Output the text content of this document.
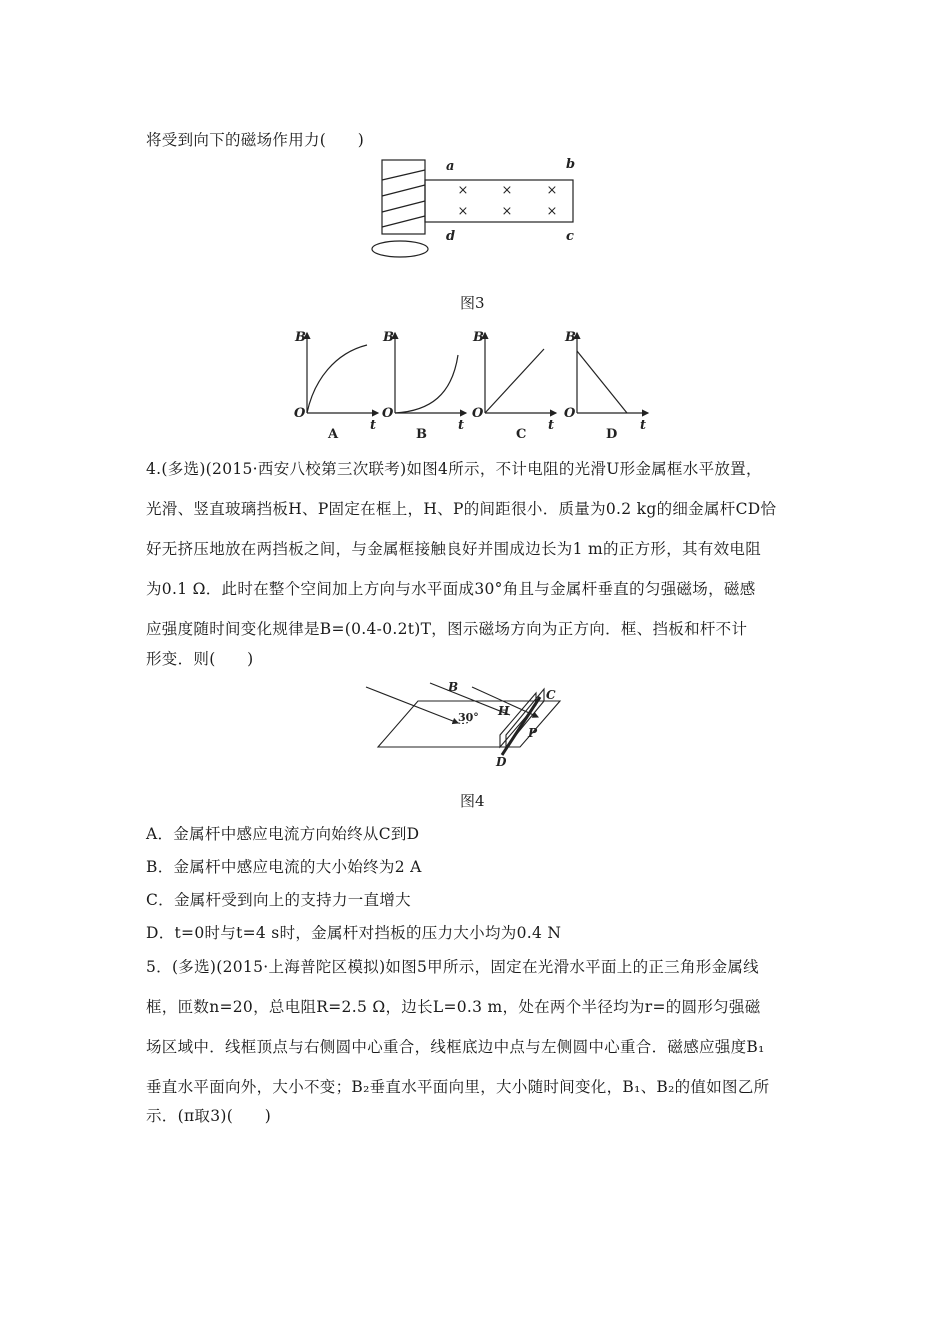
将受到向下的磁场作用力(　　)
×	×	×
×	×	×
a	b
d	c
图3
B
O
t
B
O
t
B
O
t
B
O
t
A	B	C	D
4.(多选)(2015·西安八校第三次联考)如图4所示，不计电阻的光滑U形金属框水平放置，
光滑、竖直玻璃挡板H、P固定在框上，H、P的间距很小．质量为0.2 kg的细金属杆CD恰
好无挤压地放在两挡板之间，与金属框接触良好并围成边长为1 m的正方形，其有效电阻
为0.1 Ω．此时在整个空间加上方向与水平面成30°角且与金属杆垂直的匀强磁场，磁感
应强度随时间变化规律是B=(0.4-0.2t)T，图示磁场方向为正方向．框、挡板和杆不计
形变．则(　　)
B
C
H
P
D
30°
图4
A．金属杆中感应电流方向始终从C到D
B．金属杆中感应电流的大小始终为2 A
C．金属杆受到向上的支持力一直增大
D．t=0时与t=4 s时，金属杆对挡板的压力大小均为0.4 N
5．(多选)(2015·上海普陀区模拟)如图5甲所示，固定在光滑水平面上的正三角形金属线
框，匝数n=20，总电阻R=2.5 Ω，边长L=0.3 m，处在两个半径均为r=的圆形匀强磁
场区域中．线框顶点与右侧圆中心重合，线框底边中点与左侧圆中心重合．磁感应强度B₁
垂直水平面向外，大小不变；B₂垂直水平面向里，大小随时间变化，B₁、B₂的值如图乙所
示．(π取3)(　　)
